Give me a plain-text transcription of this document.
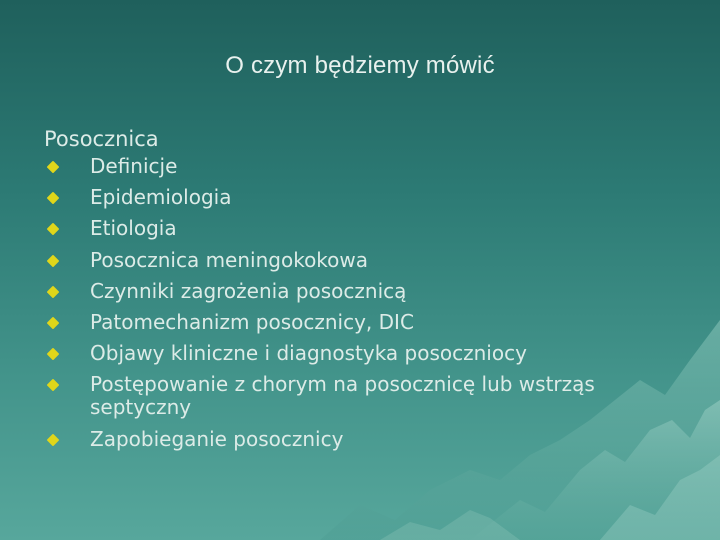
O czym będziemy mówić
Posocznica
Definicje
Epidemiologia
Etiologia
Posocznica meningokokowa
Czynniki zagrożenia posocznicą
Patomechanizm posocznicy, DIC
Objawy kliniczne i diagnostyka posoczniocy
Postępowanie z chorym na posocznicę lub wstrząs septyczny
Zapobieganie posocznicy
